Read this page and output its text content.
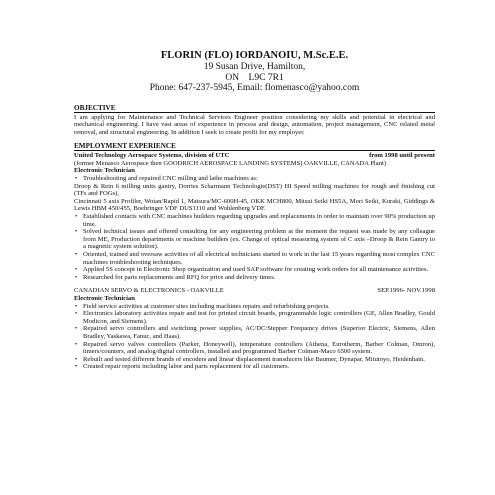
FLORIN (FLO) IORDANOIU, M.Sc.E.E.
19 Susan Drive, Hamilton,
ON    L9C 7R1
Phone: 647-237-5945, Email: flomenasco@yahoo.com
OBJECTIVE
I am applying for Maintenance and Technical Services Engineer position considering my skills and potential in electrical and mechanical engineering. I have vast areas of experience in process and design, automation, project management, CNC related metal removal, and structural engineering. In addition I seek to create profit for my employer.
EMPLOYMENT EXPERIENCE
United Technology Aerospace Systems, division of UTC	from 1998 until present
(former Menasco Aerospace then GOODRICH AEROSPACE LANDING SYSTEMS) OAKVILLE, CANADA Plant)
Electronic Technician
• Troubleshooting and repaired CNC milling and lathe machines as:
Droop & Rein 6 milling units gantry, Dorries Scharmann Technologie(DST) HI Speed milling machines for rough and finishing cut (TFs and FOGs),
Cincinnati 5 axis Profiler, Wotan/Rapid 1, Matsura/MC-600H-45, OKK MCH800, Mitsui Seiki HS5A, Mori Seiki, Kuraki, Giddings & Lewis HBM 450/455, Boehringer VDF DUS1110 and Wohlenberg VDF.
• Established contacts with CNC machines builders regarding upgrades and replacements in order to maintain over 90% production up time.
• Solved technical issues and offered consulting for any engineering problem at the moment the request was made by any colleague from ME, Production departments or machine builders (ex. Change of optical measuring system of C axis –Droop & Rein Gantry to a magnetic system solution).
• Oriented, trained and oversaw activities of all electrical technicians started to work in the last 15 years regarding most complex CNC machines troubleshooting techniques.
• Applied 5S concept in Electronic Shop organization and used SAP software for creating work orders for all maintenance activities.
• Researched for parts replacements and RFQ for price and delivery times.
CANADIAN SERVO & ELECTRONICS - OAKVILLE	SEP.1996- NOV.1998
Electronic Technician
• Field service activities at customer sites including machines repairs and refurbishing projects.
• Electronics laboratory activities repair and test for printed circuit boards, programmable logic controllers (GE, Allen Bradley, Gould Modicon, and Siemens).
• Repaired servo controllers and switching power supplies, AC/DC/Stepper Frequency drives (Superior Electric, Siemens, Allen Bradley, Yaskawa, Fanuc, and Haas).
• Repaired servo valves controllers (Parker, Honeywell), temperature controllers (Athena, Eurotherm, Barber Colman, Omron), timers/counters, and analog/digital controllers, installed and programmed Barber Colman-Maco 6500 system.
• Rebuilt and tested different brands of encoders and linear displacement transducers like Baumer, Dynapar, Mitutoyo, Heidenhain.
• Created repair reports including labor and parts replacement for all customers.
